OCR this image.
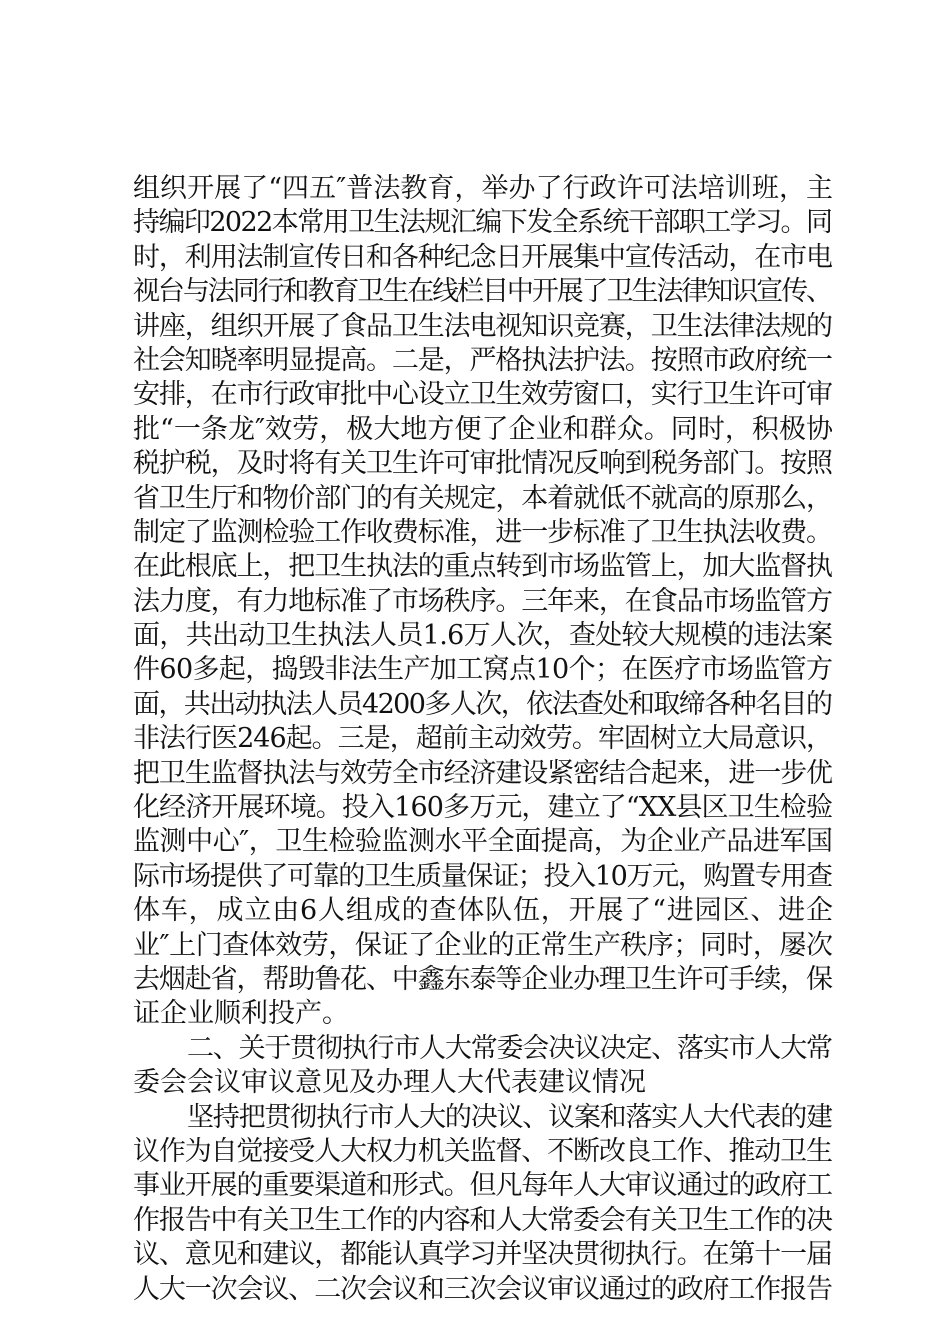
组织开展了“四五″普法教育，举办了行政许可法培训班，主
持编印2022本常用卫生法规汇编下发全系统干部职工学习。同
时，利用法制宣传日和各种纪念日开展集中宣传活动，在市电
视台与法同行和教育卫生在线栏目中开展了卫生法律知识宣传、
讲座，组织开展了食品卫生法电视知识竞赛，卫生法律法规的
社会知晓率明显提高。二是，严格执法护法。按照市政府统一
安排，在市行政审批中心设立卫生效劳窗口，实行卫生许可审
批“一条龙″效劳，极大地方便了企业和群众。同时，积极协
税护税，及时将有关卫生许可审批情况反响到税务部门。按照
省卫生厅和物价部门的有关规定，本着就低不就高的原那么，
制定了监测检验工作收费标准，进一步标准了卫生执法收费。
在此根底上，把卫生执法的重点转到市场监管上，加大监督执
法力度，有力地标准了市场秩序。三年来，在食品市场监管方
面，共出动卫生执法人员1.6万人次，查处较大规模的违法案
件60多起，捣毁非法生产加工窝点10个；在医疗市场监管方
面，共出动执法人员4200多人次，依法查处和取缔各种名目的
非法行医246起。三是，超前主动效劳。牢固树立大局意识，
把卫生监督执法与效劳全市经济建设紧密结合起来，进一步优
化经济开展环境。投入160多万元，建立了“XX县区卫生检验
监测中心″，卫生检验监测水平全面提高，为企业产品进军国
际市场提供了可靠的卫生质量保证；投入10万元，购置专用查
体车，成立由6人组成的查体队伍，开展了“进园区、进企
业″上门查体效劳，保证了企业的正常生产秩序；同时，屡次
去烟赴省，帮助鲁花、中鑫东泰等企业办理卫生许可手续，保
证企业顺利投产。
二、关于贯彻执行市人大常委会决议决定、落实市人大常
委会会议审议意见及办理人大代表建议情况
坚持把贯彻执行市人大的决议、议案和落实人大代表的建
议作为自觉接受人大权力机关监督、不断改良工作、推动卫生
事业开展的重要渠道和形式。但凡每年人大审议通过的政府工
作报告中有关卫生工作的内容和人大常委会有关卫生工作的决
议、意见和建议，都能认真学习并坚决贯彻执行。在第十一届
人大一次会议、二次会议和三次会议审议通过的政府工作报告
